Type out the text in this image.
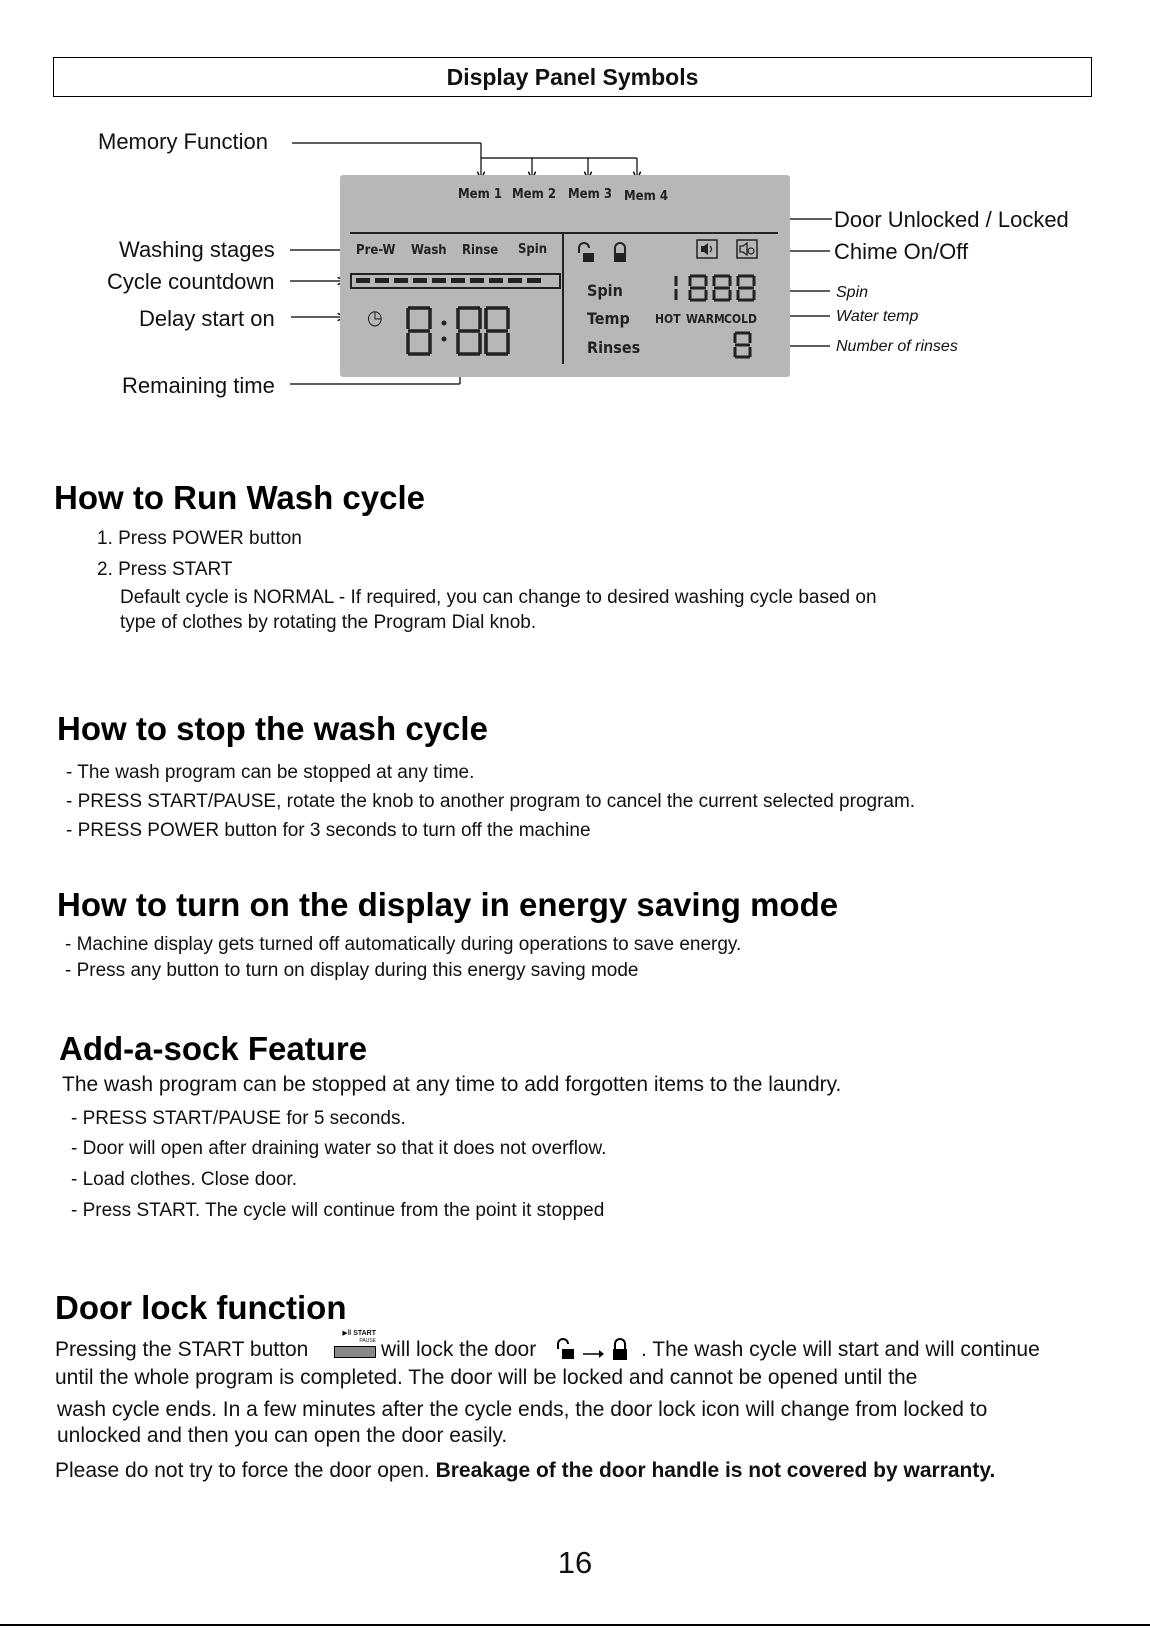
Display Panel Symbols
Memory Function
Washing stages
Cycle countdown
Delay start on
Remaining time
Door Unlocked / Locked
Chime On/Off
Spin
Water temp
Number of rinses
Mem 1 Mem 2 Mem 3 Mem 4
Pre-W Wash Rinse Spin
◷
Spin
Temp
Rinses
HOT WARM COLD
How to Run Wash cycle
1. Press POWER button
2. Press START
Default cycle is NORMAL - If required, you can change to desired washing cycle based on
type of clothes by rotating the Program Dial knob.
How to stop the wash cycle
- The wash program can be stopped at any time.
- PRESS START/PAUSE, rotate the knob to another program to cancel the current selected program.
- PRESS POWER button for 3 seconds to turn off the machine
How to turn on the display in energy saving mode
- Machine display gets turned off automatically during operations to save energy.
- Press any button to turn on display during this energy saving mode
Add-a-sock Feature
The wash program can be stopped at any time to add forgotten items to the laundry.
- PRESS START/PAUSE for 5 seconds.
- Door will open after draining water so that it does not overflow.
- Load clothes. Close door.
- Press START. The cycle will continue from the point it stopped
Door lock function
Pressing the START button
▶‖ START
PAUSE will lock the door	. The wash cycle will start and will continue
until the whole program is completed. The door will be locked and cannot be opened until the
wash cycle ends. In a few minutes after the cycle ends, the door lock icon will change from locked to
unlocked and then you can open the door easily.
Please do not try to force the door open. Breakage of the door handle is not covered by warranty.
16
